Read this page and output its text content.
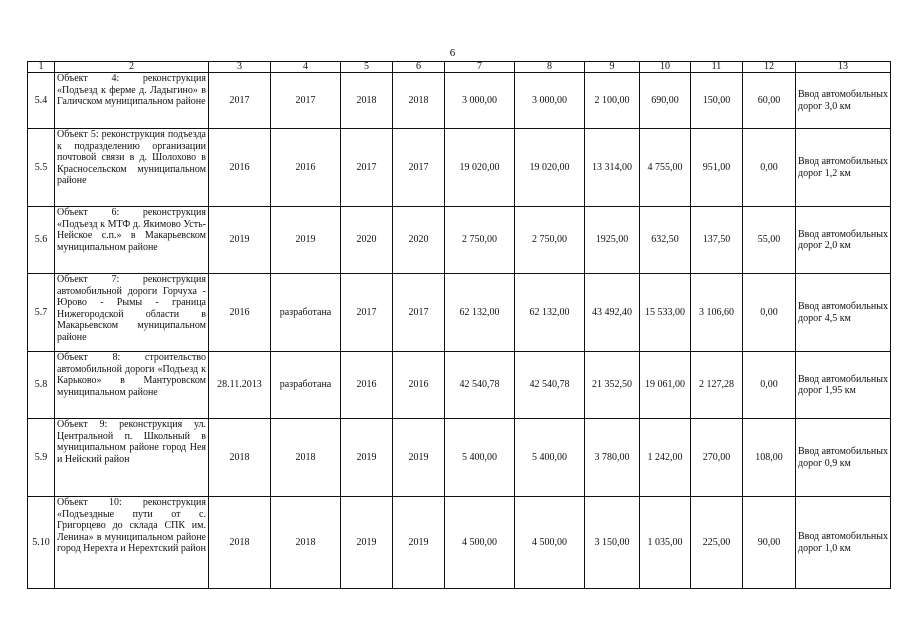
6
1	2	3	4	5	6	7	8	9	10	11	12	13
5.4	Объект 4: реконструкция «Подъезд к ферме д. Ладыгино» в Галичском муниципальном районе	2017	2017	2018	2018	3 000,00	3 000,00	2 100,00	690,00	150,00	60,00	Ввод автомобильных дорог 3,0 км
5.5	Объект 5: реконструкция подъезда к подразделению организации почтовой связи в д. Шолохово в Красносельском муниципальном районе	2016	2016	2017	2017	19 020,00	19 020,00	13 314,00	4 755,00	951,00	0,00	Ввод автомобильных дорог 1,2 км
5.6	Объект 6: реконструкция «Подъезд к МТФ д. Якимово Усть-Нейское с.п.» в Макарьевском муниципальном районе	2019	2019	2020	2020	2 750,00	2 750,00	1925,00	632,50	137,50	55,00	Ввод автомобильных дорог 2,0 км
5.7	Объект 7: реконструкция автомобильной дороги Горчуха - Юрово - Рымы - граница Нижегородской области в Макарьевском муниципальном районе	2016	разработана	2017	2017	62 132,00	62 132,00	43 492,40	15 533,00	3 106,60	0,00	Ввод автомобильных дорог 4,5 км
5.8	Объект 8: строительство автомобильной дороги «Подъезд к Карьково» в Мантуровском муниципальном районе	28.11.2013	разработана	2016	2016	42 540,78	42 540,78	21 352,50	19 061,00	2 127,28	0,00	Ввод автомобильных дорог 1,95 км
5.9	Объект 9: реконструкция ул. Центральной п. Школьный в муниципальном районе город Нея и Нейский район	2018	2018	2019	2019	5 400,00	5 400,00	3 780,00	1 242,00	270,00	108,00	Ввод автомобильных дорог 0,9 км
5.10	Объект 10: реконструкция «Подъездные пути от с. Григорцево до склада СПК им. Ленина» в муниципальном районе город Нерехта и Нерехтский район	2018	2018	2019	2019	4 500,00	4 500,00	3 150,00	1 035,00	225,00	90,00	Ввод автомобильных дорог 1,0 км
